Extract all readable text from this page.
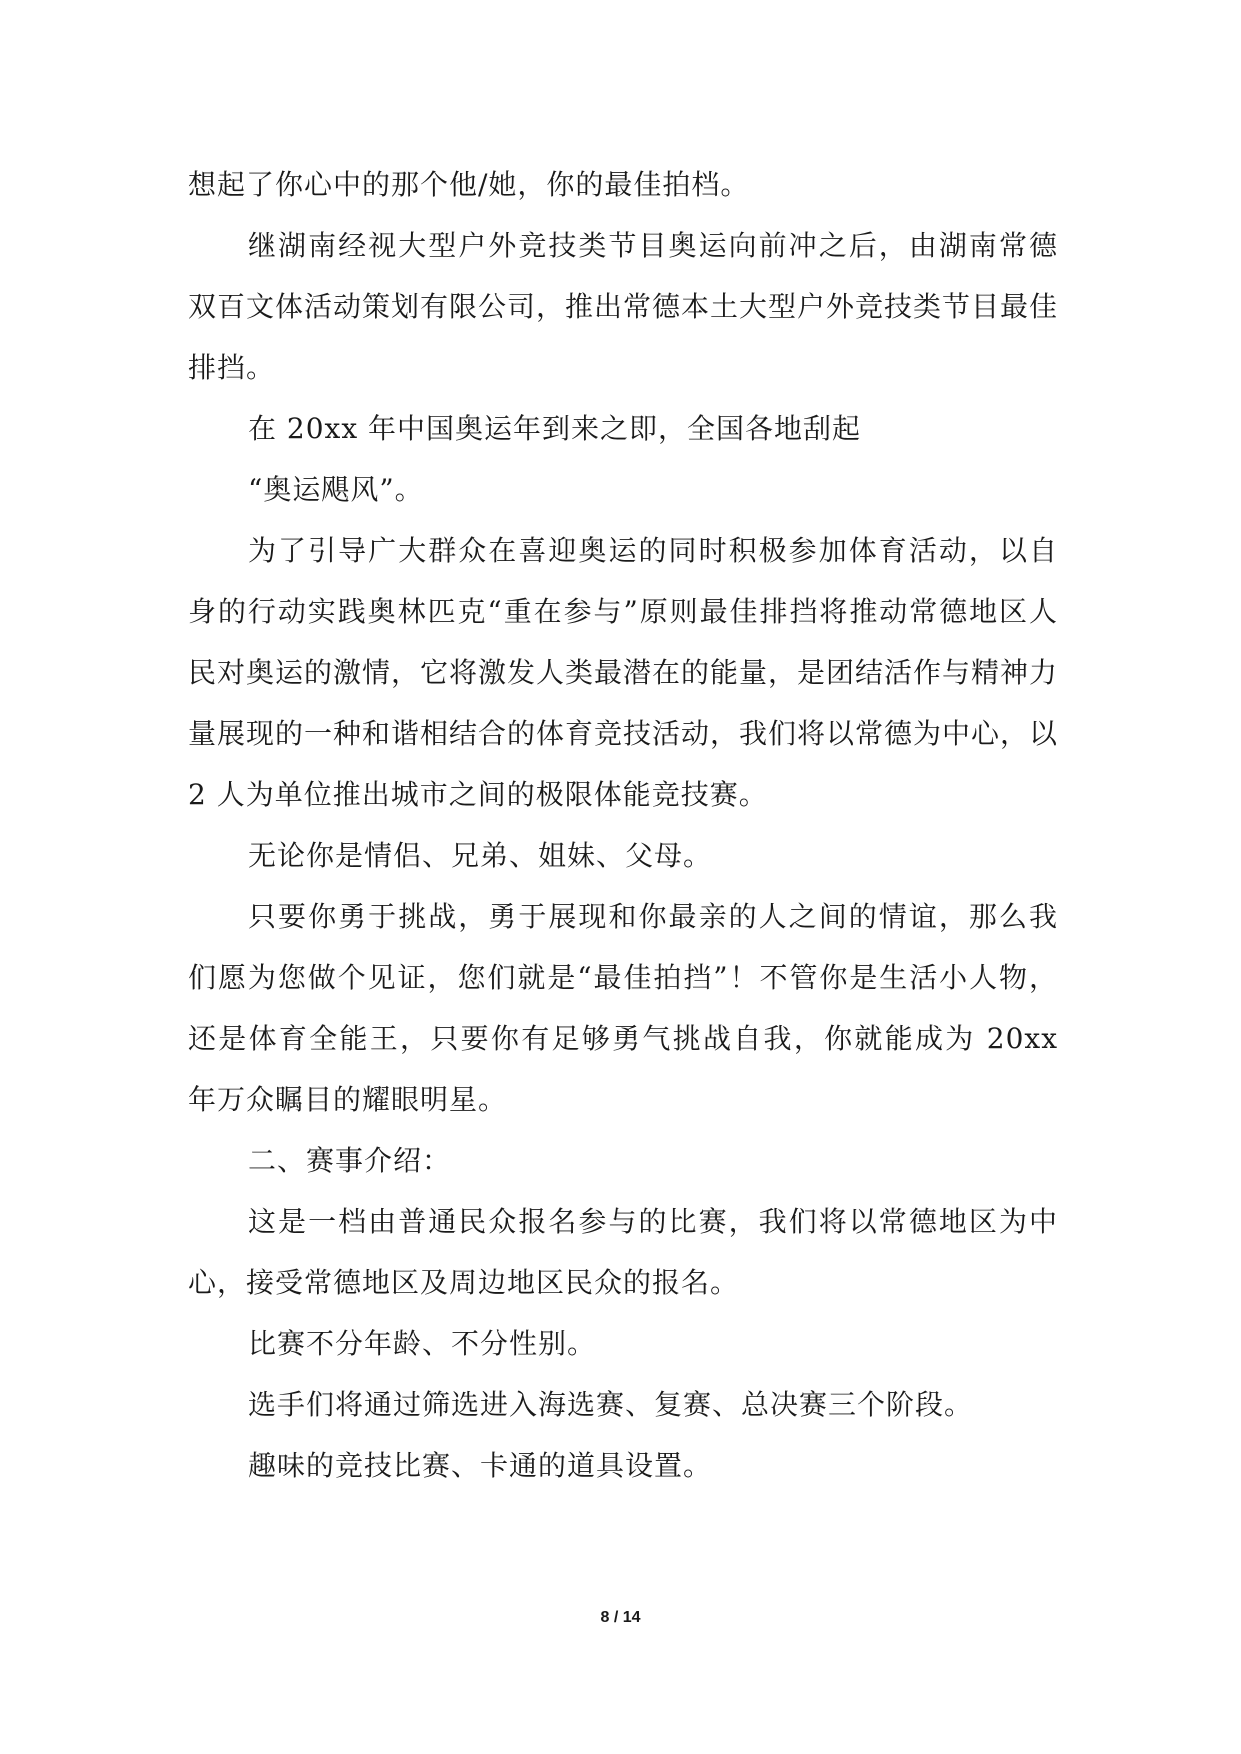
想起了你心中的那个他/她，你的最佳拍档。

继湖南经视大型户外竞技类节目奥运向前冲之后，由湖南常德双百文体活动策划有限公司，推出常德本土大型户外竞技类节目最佳排挡。

在 20xx 年中国奥运年到来之即，全国各地刮起

“奥运飓风”。

为了引导广大群众在喜迎奥运的同时积极参加体育活动，以自身的行动实践奥林匹克“重在参与”原则最佳排挡将推动常德地区人民对奥运的激情，它将激发人类最潜在的能量，是团结活作与精神力量展现的一种和谐相结合的体育竞技活动，我们将以常德为中心，以 2 人为单位推出城市之间的极限体能竞技赛。

无论你是情侣、兄弟、姐妹、父母。

只要你勇于挑战，勇于展现和你最亲的人之间的情谊，那么我们愿为您做个见证，您们就是“最佳拍挡”！不管你是生活小人物，还是体育全能王，只要你有足够勇气挑战自我，你就能成为 20xx 年万众瞩目的耀眼明星。

二、赛事介绍：

这是一档由普通民众报名参与的比赛，我们将以常德地区为中心，接受常德地区及周边地区民众的报名。

比赛不分年龄、不分性别。

选手们将通过筛选进入海选赛、复赛、总决赛三个阶段。

趣味的竞技比赛、卡通的道具设置。

8 / 14
